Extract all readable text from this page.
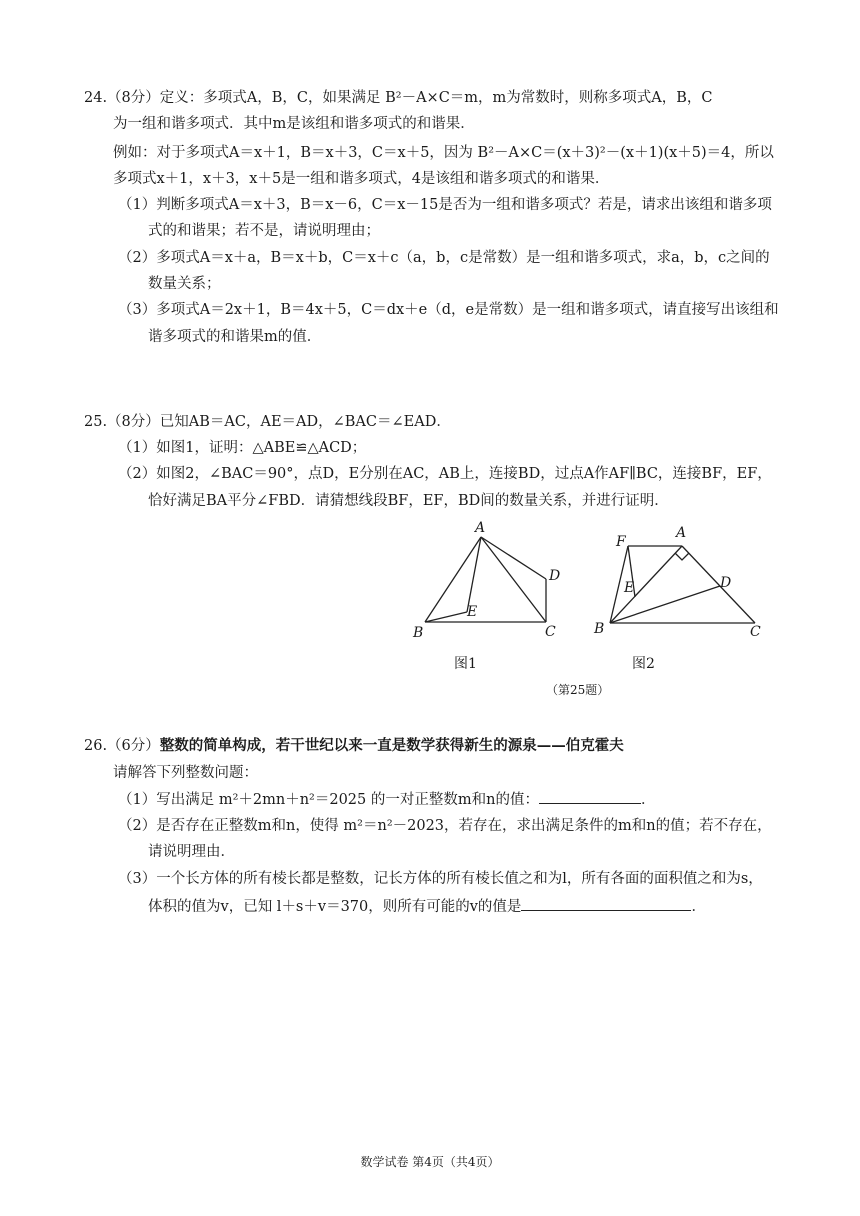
24.（8分）定义：多项式A，B，C，如果满足 B²－A×C＝m，m为常数时，则称多项式A，B，C
为一组和谐多项式．其中m是该组和谐多项式的和谐果．
例如：对于多项式A＝x＋1，B＝x＋3，C＝x＋5，因为 B²－A×C＝(x＋3)²－(x＋1)(x＋5)＝4，所以
多项式x＋1，x＋3，x＋5是一组和谐多项式，4是该组和谐多项式的和谐果．
（1）判断多项式A＝x＋3，B＝x－6，C＝x－15是否为一组和谐多项式？若是，请求出该组和谐多项
式的和谐果；若不是，请说明理由；
（2）多项式A＝x＋a，B＝x＋b，C＝x＋c（a，b，c是常数）是一组和谐多项式，求a，b，c之间的
数量关系；
（3）多项式A＝2x＋1，B＝4x＋5，C＝dx＋e（d，e是常数）是一组和谐多项式，请直接写出该组和
谐多项式的和谐果m的值．
25.（8分）已知AB＝AC，AE＝AD，∠BAC＝∠EAD．
（1）如图1，证明：△ABE≌△ACD；
（2）如图2，∠BAC＝90°，点D，E分别在AC，AB上，连接BD，过点A作AF∥BC，连接BF，EF，
恰好满足BA平分∠FBD．请猜想线段BF，EF，BD间的数量关系，并进行证明．
A
B	C
D
E
图1
F
A
B	C
D
E
图2
（第25题）
26.（6分）整数的简单构成，若干世纪以来一直是数学获得新生的源泉——伯克霍夫
请解答下列整数问题：
（1）写出满足 m²＋2mn＋n²＝2025 的一对正整数m和n的值：	．
（2）是否存在正整数m和n，使得 m²＝n²－2023，若存在，求出满足条件的m和n的值；若不存在，
请说明理由．
（3）一个长方体的所有棱长都是整数，记长方体的所有棱长值之和为l，所有各面的面积值之和为s，
体积的值为v，已知 l＋s＋v＝370，则所有可能的v的值是	．
数学试卷 第4页（共4页）
